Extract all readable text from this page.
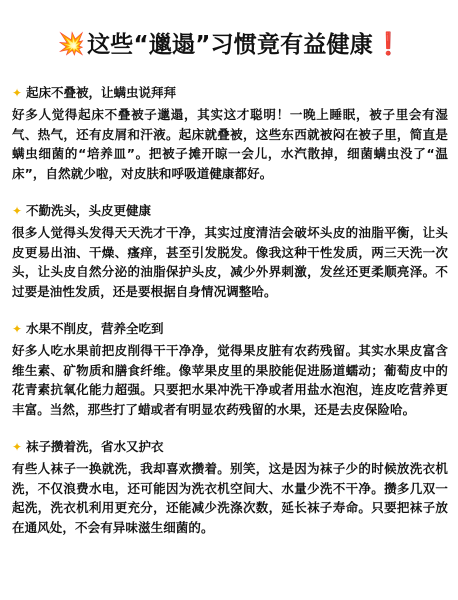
💥 这些“邋遢”习惯竟有益健康 ❗
✦ 起床不叠被，让螨虫说拜拜
好多人觉得起床不叠被子邋遢，其实这才聪明！一晚上睡眠，被子里会有湿气、热气，还有皮屑和汗液。起床就叠被，这些东西就被闷在被子里，简直是螨虫细菌的“培养皿”。把被子摊开晾一会儿，水汽散掉，细菌螨虫没了“温床”，自然就少啦，对皮肤和呼吸道健康都好。
✦ 不勤洗头，头皮更健康
很多人觉得头发得天天洗才干净，其实过度清洁会破坏头皮的油脂平衡，让头皮更易出油、干燥、瘙痒，甚至引发脱发。像我这种干性发质，两三天洗一次头，让头皮自然分泌的油脂保护头皮，减少外界刺激，发丝还更柔顺亮泽。不过要是油性发质，还是要根据自身情况调整哈。
✦ 水果不削皮，营养全吃到
好多人吃水果前把皮削得干干净净，觉得果皮脏有农药残留。其实水果皮富含维生素、矿物质和膳食纤维。像苹果皮里的果胶能促进肠道蠕动；葡萄皮中的花青素抗氧化能力超强。只要把水果冲洗干净或者用盐水泡泡，连皮吃营养更丰富。当然，那些打了蜡或者有明显农药残留的水果，还是去皮保险哈。
✦ 袜子攒着洗，省水又护衣
有些人袜子一换就洗，我却喜欢攒着。别笑，这是因为袜子少的时候放洗衣机洗，不仅浪费水电，还可能因为洗衣机空间大、水量少洗不干净。攒多几双一起洗，洗衣机利用更充分，还能减少洗涤次数，延长袜子寿命。只要把袜子放在通风处，不会有异味滋生细菌的。
